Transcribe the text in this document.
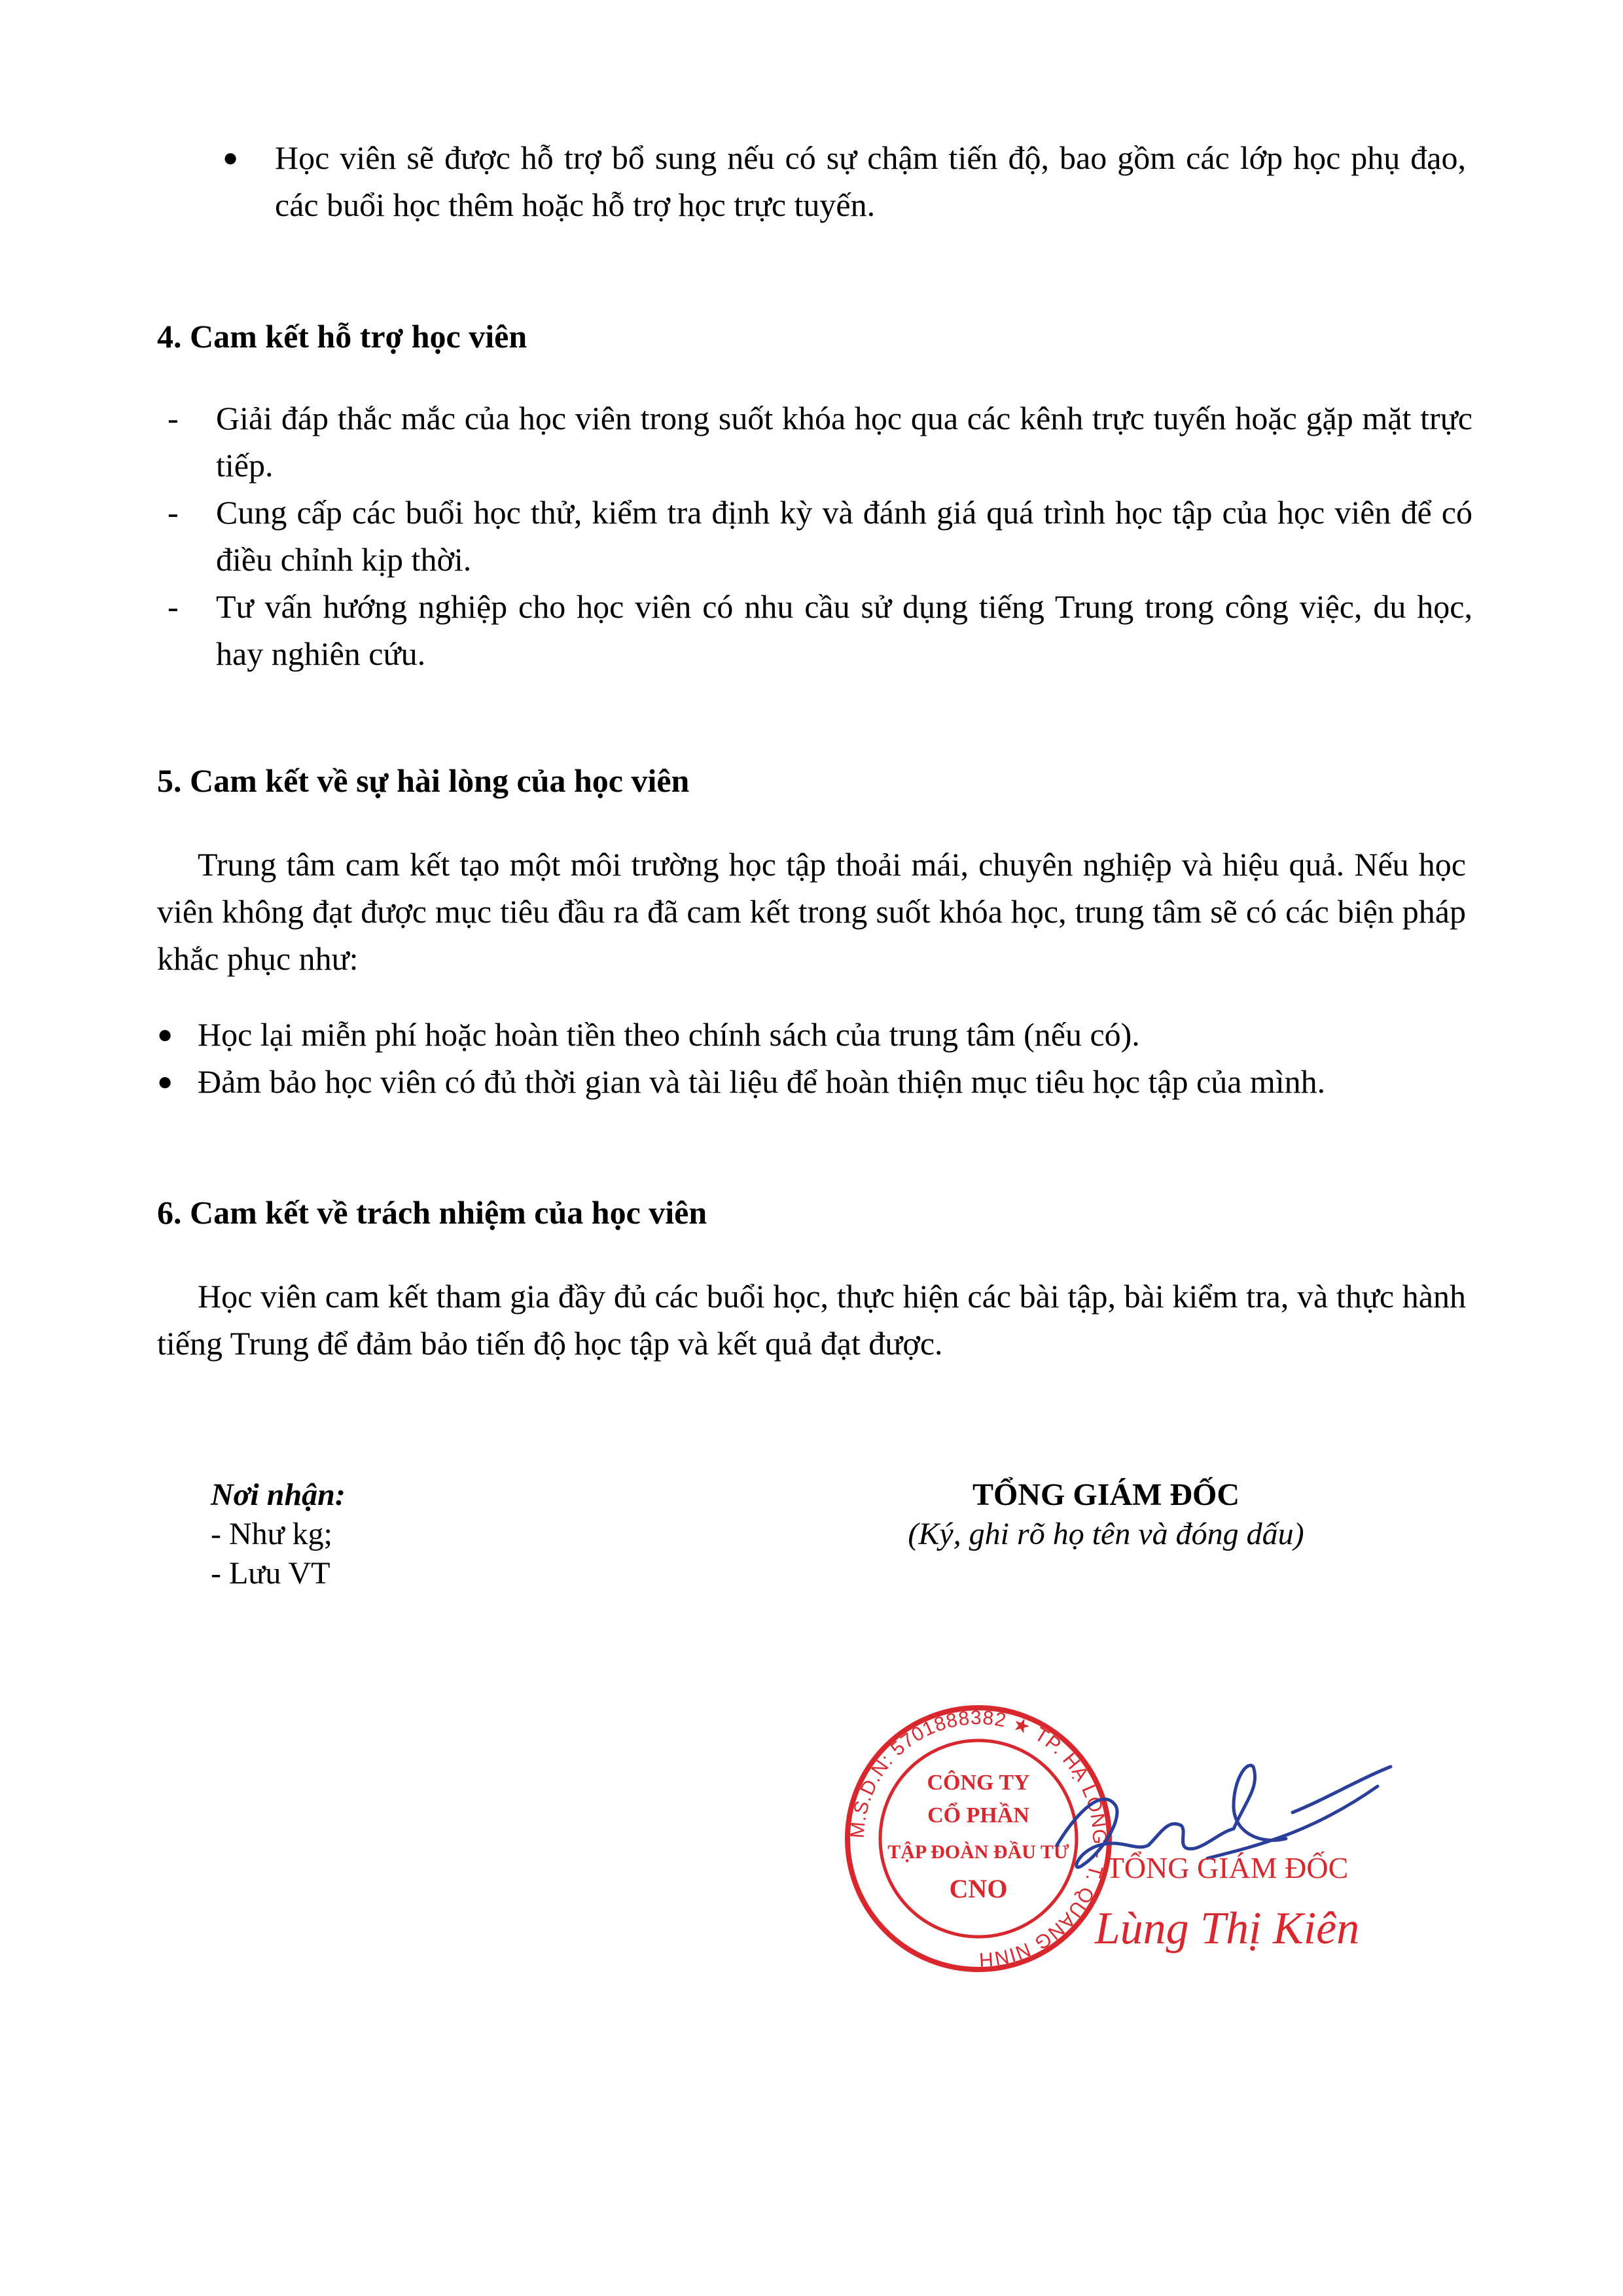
● Học viên sẽ được hỗ trợ bổ sung nếu có sự chậm tiến độ, bao gồm các lớp học phụ đạo, các buổi học thêm hoặc hỗ trợ học trực tuyến.

4. Cam kết hỗ trợ học viên

- Giải đáp thắc mắc của học viên trong suốt khóa học qua các kênh trực tuyến hoặc gặp mặt trực tiếp.
- Cung cấp các buổi học thử, kiểm tra định kỳ và đánh giá quá trình học tập của học viên để có điều chỉnh kịp thời.
- Tư vấn hướng nghiệp cho học viên có nhu cầu sử dụng tiếng Trung trong công việc, du học, hay nghiên cứu.

5. Cam kết về sự hài lòng của học viên

Trung tâm cam kết tạo một môi trường học tập thoải mái, chuyên nghiệp và hiệu quả. Nếu học viên không đạt được mục tiêu đầu ra đã cam kết trong suốt khóa học, trung tâm sẽ có các biện pháp khắc phục như:

● Học lại miễn phí hoặc hoàn tiền theo chính sách của trung tâm (nếu có).
● Đảm bảo học viên có đủ thời gian và tài liệu để hoàn thiện mục tiêu học tập của mình.

6. Cam kết về trách nhiệm của học viên

Học viên cam kết tham gia đầy đủ các buổi học, thực hiện các bài tập, bài kiểm tra, và thực hành tiếng Trung để đảm bảo tiến độ học tập và kết quả đạt được.

Nơi nhận:
- Như kg;
- Lưu VT
TỔNG GIÁM ĐỐC
(Ký, ghi rõ họ tên và đóng dấu)
M.S.D.N: 5701888382 ★ TP. HẠ LONG - T. QUẢNG NINH
CÔNG TY
CỔ PHẦN
TẬP ĐOÀN ĐẦU TƯ
CNO
TỔNG GIÁM ĐỐC
Lùng Thị Kiên
